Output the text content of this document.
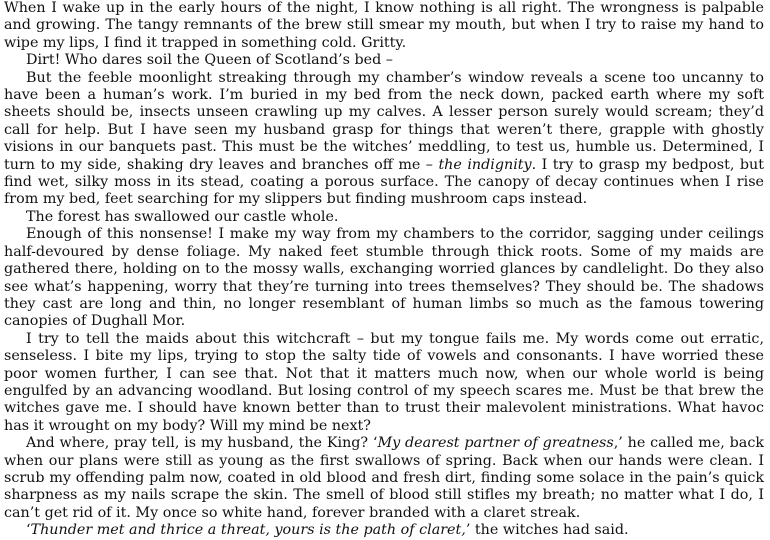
When I wake up in the early hours of the night, I know nothing is all right. The wrongness is palpable and growing. The tangy remnants of the brew still smear my mouth, but when I try to raise my hand to wipe my lips, I find it trapped in something cold. Gritty.

Dirt! Who dares soil the Queen of Scotland’s bed –

But the feeble moonlight streaking through my chamber’s window reveals a scene too uncanny to have been a human’s work. I’m buried in my bed from the neck down, packed earth where my soft sheets should be, insects unseen crawling up my calves. A lesser person surely would scream; they’d call for help. But I have seen my husband grasp for things that weren’t there, grapple with ghostly visions in our banquets past. This must be the witches’ meddling, to test us, humble us. Determined, I turn to my side, shaking dry leaves and branches off me – the indignity. I try to grasp my bedpost, but find wet, silky moss in its stead, coating a porous surface. The canopy of decay continues when I rise from my bed, feet searching for my slippers but finding mushroom caps instead.

The forest has swallowed our castle whole.

Enough of this nonsense! I make my way from my chambers to the corridor, sagging under ceilings half-devoured by dense foliage. My naked feet stumble through thick roots. Some of my maids are gathered there, holding on to the mossy walls, exchanging worried glances by candlelight. Do they also see what’s happening, worry that they’re turning into trees themselves? They should be. The shadows they cast are long and thin, no longer resemblant of human limbs so much as the famous towering canopies of Dughall Mor.

I try to tell the maids about this witchcraft – but my tongue fails me. My words come out erratic, senseless. I bite my lips, trying to stop the salty tide of vowels and consonants. I have worried these poor women further, I can see that. Not that it matters much now, when our whole world is being engulfed by an advancing woodland. But losing control of my speech scares me. Must be that brew the witches gave me. I should have known better than to trust their malevolent ministrations. What havoc has it wrought on my body? Will my mind be next?

And where, pray tell, is my husband, the King? ‘My dearest partner of greatness,’ he called me, back when our plans were still as young as the first swallows of spring. Back when our hands were clean. I scrub my offending palm now, coated in old blood and fresh dirt, finding some solace in the pain’s quick sharpness as my nails scrape the skin. The smell of blood still stifles my breath; no matter what I do, I can’t get rid of it. My once so white hand, forever branded with a claret streak.

‘Thunder met and thrice a threat, yours is the path of claret,’ the witches had said.
